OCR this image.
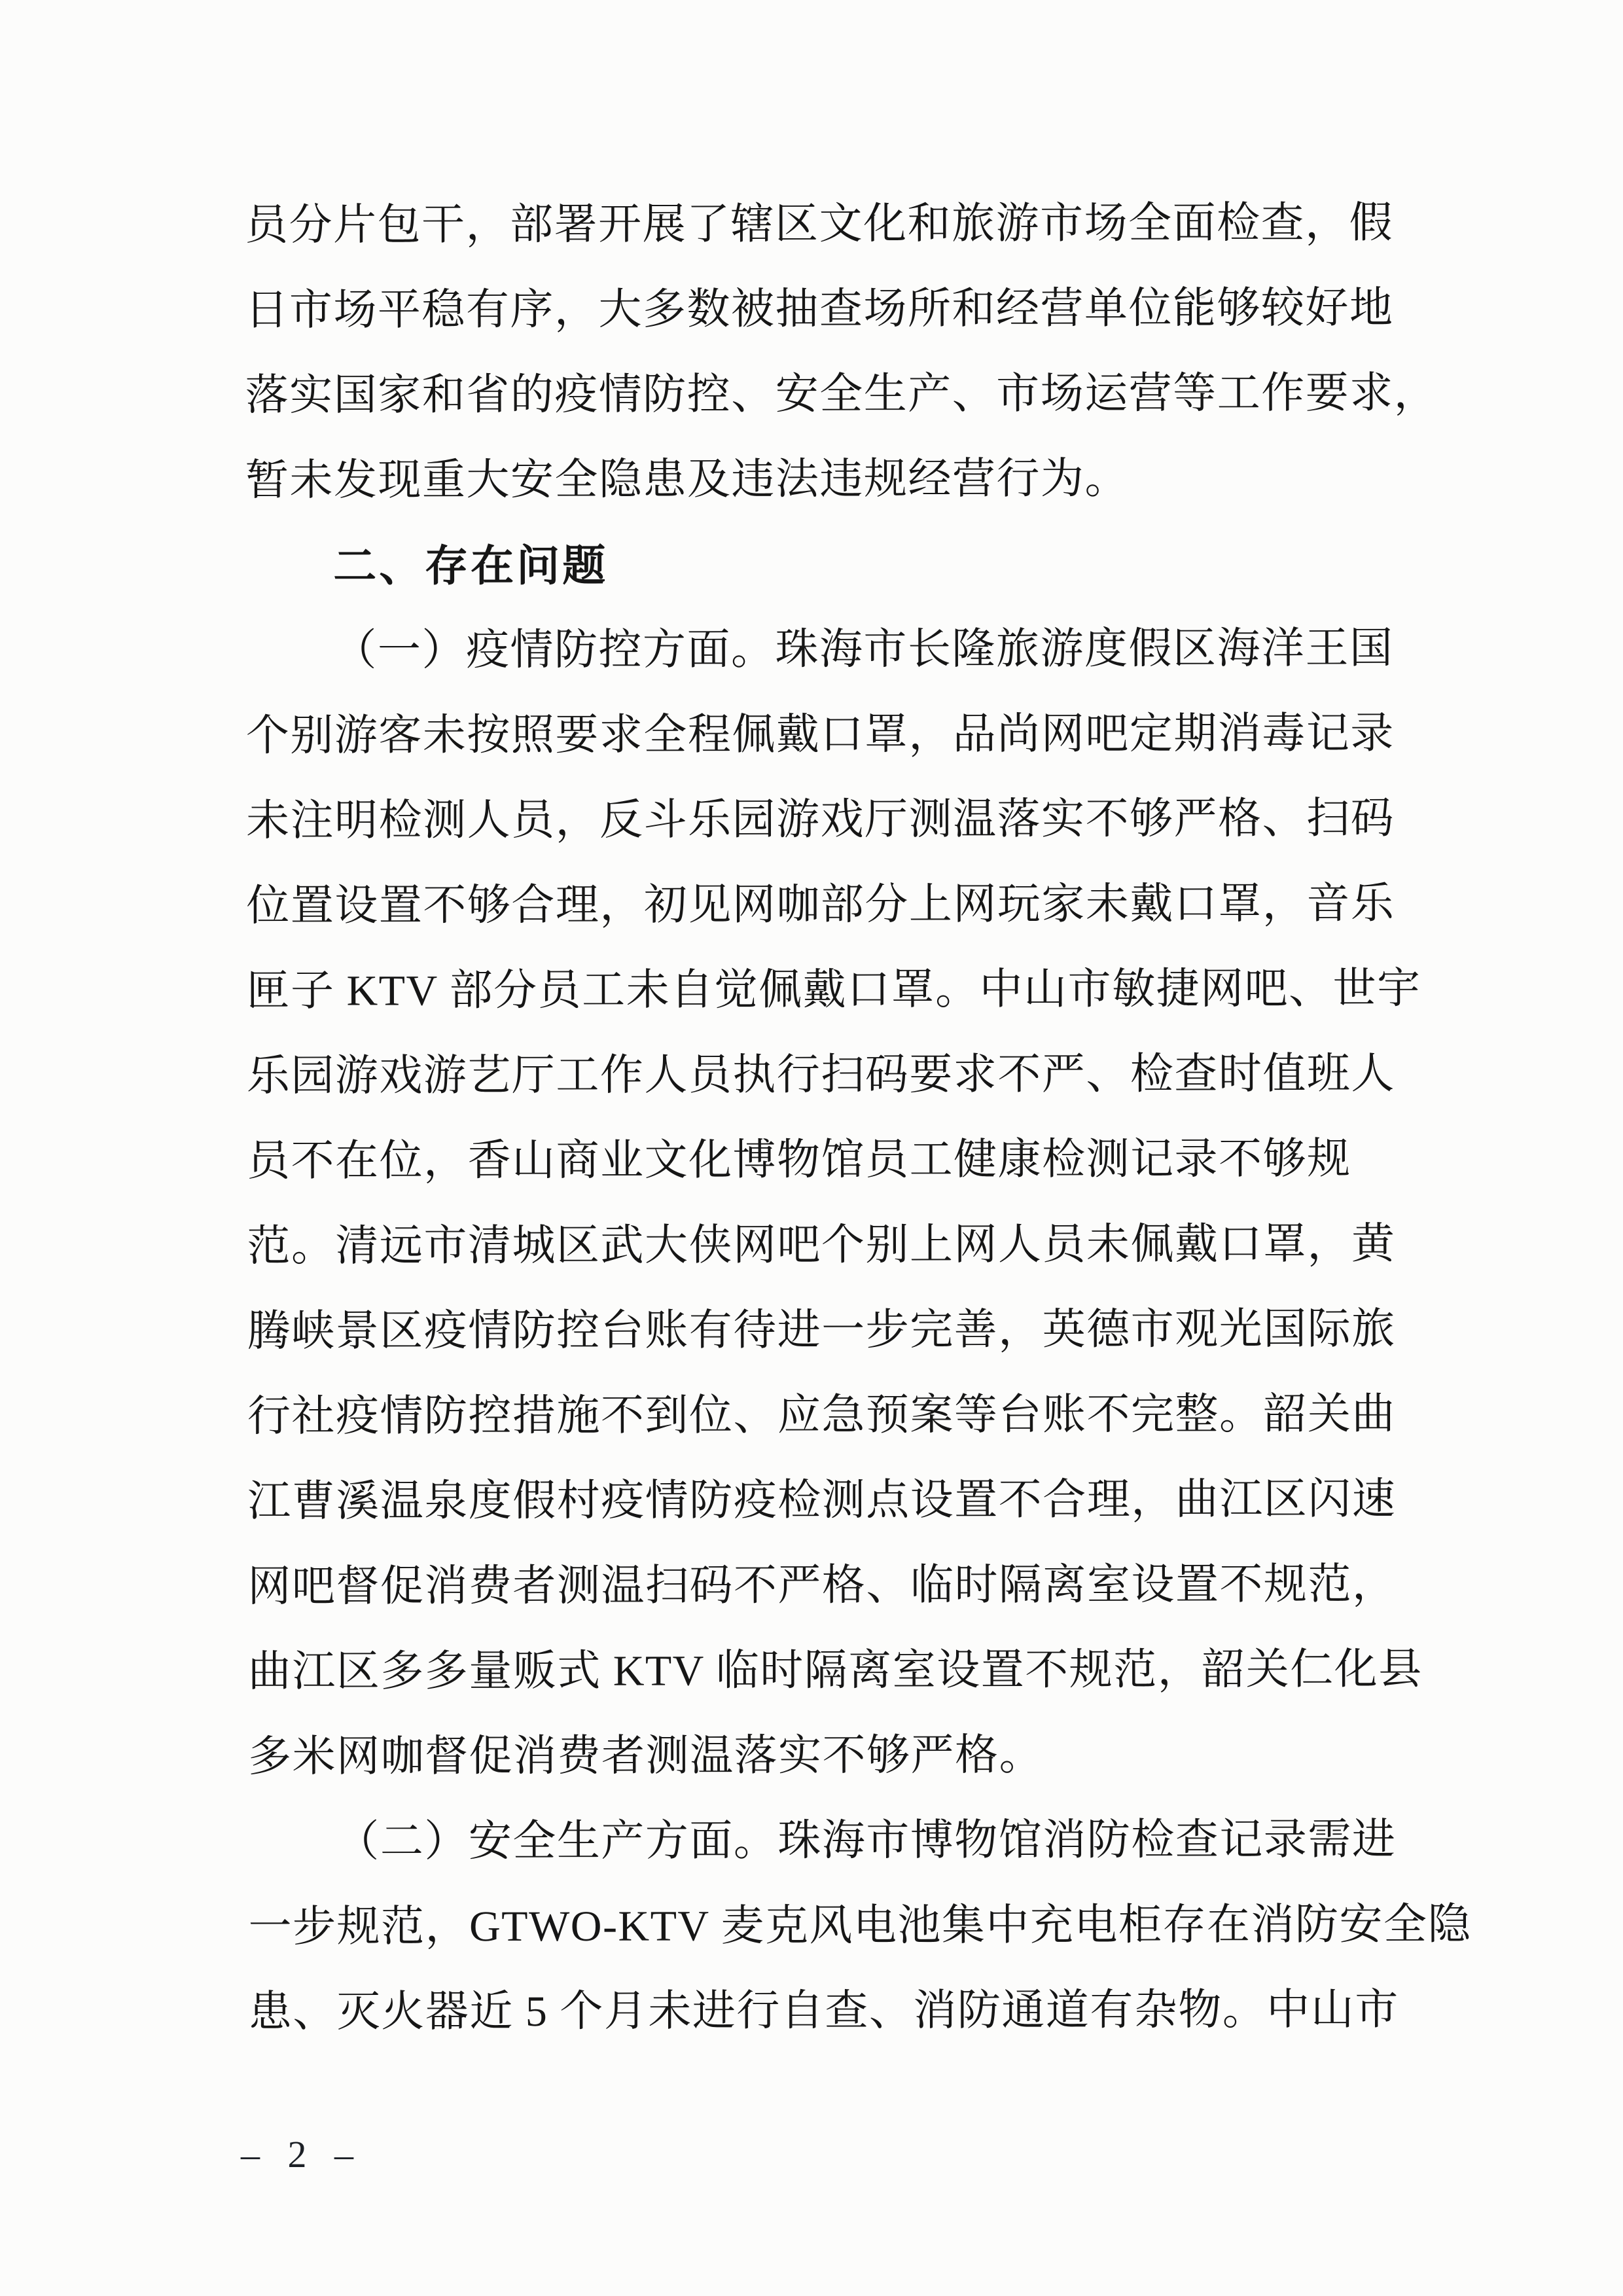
员分片包干，部署开展了辖区文化和旅游市场全面检查，假
日市场平稳有序，大多数被抽查场所和经营单位能够较好地
落实国家和省的疫情防控、安全生产、市场运营等工作要求，
暂未发现重大安全隐患及违法违规经营行为。
二、存在问题
（一）疫情防控方面。珠海市长隆旅游度假区海洋王国
个别游客未按照要求全程佩戴口罩，品尚网吧定期消毒记录
未注明检测人员，反斗乐园游戏厅测温落实不够严格、扫码
位置设置不够合理，初见网咖部分上网玩家未戴口罩，音乐
匣子 KTV 部分员工未自觉佩戴口罩。中山市敏捷网吧、世宇
乐园游戏游艺厅工作人员执行扫码要求不严、检查时值班人
员不在位，香山商业文化博物馆员工健康检测记录不够规
范。清远市清城区武大侠网吧个别上网人员未佩戴口罩，黄
腾峡景区疫情防控台账有待进一步完善，英德市观光国际旅
行社疫情防控措施不到位、应急预案等台账不完整。韶关曲
江曹溪温泉度假村疫情防疫检测点设置不合理，曲江区闪速
网吧督促消费者测温扫码不严格、临时隔离室设置不规范，
曲江区多多量贩式 KTV 临时隔离室设置不规范，韶关仁化县
多米网咖督促消费者测温落实不够严格。
（二）安全生产方面。珠海市博物馆消防检查记录需进
一步规范，GTWO-KTV 麦克风电池集中充电柜存在消防安全隐
患、灭火器近 5 个月未进行自查、消防通道有杂物。中山市
– 2 –
